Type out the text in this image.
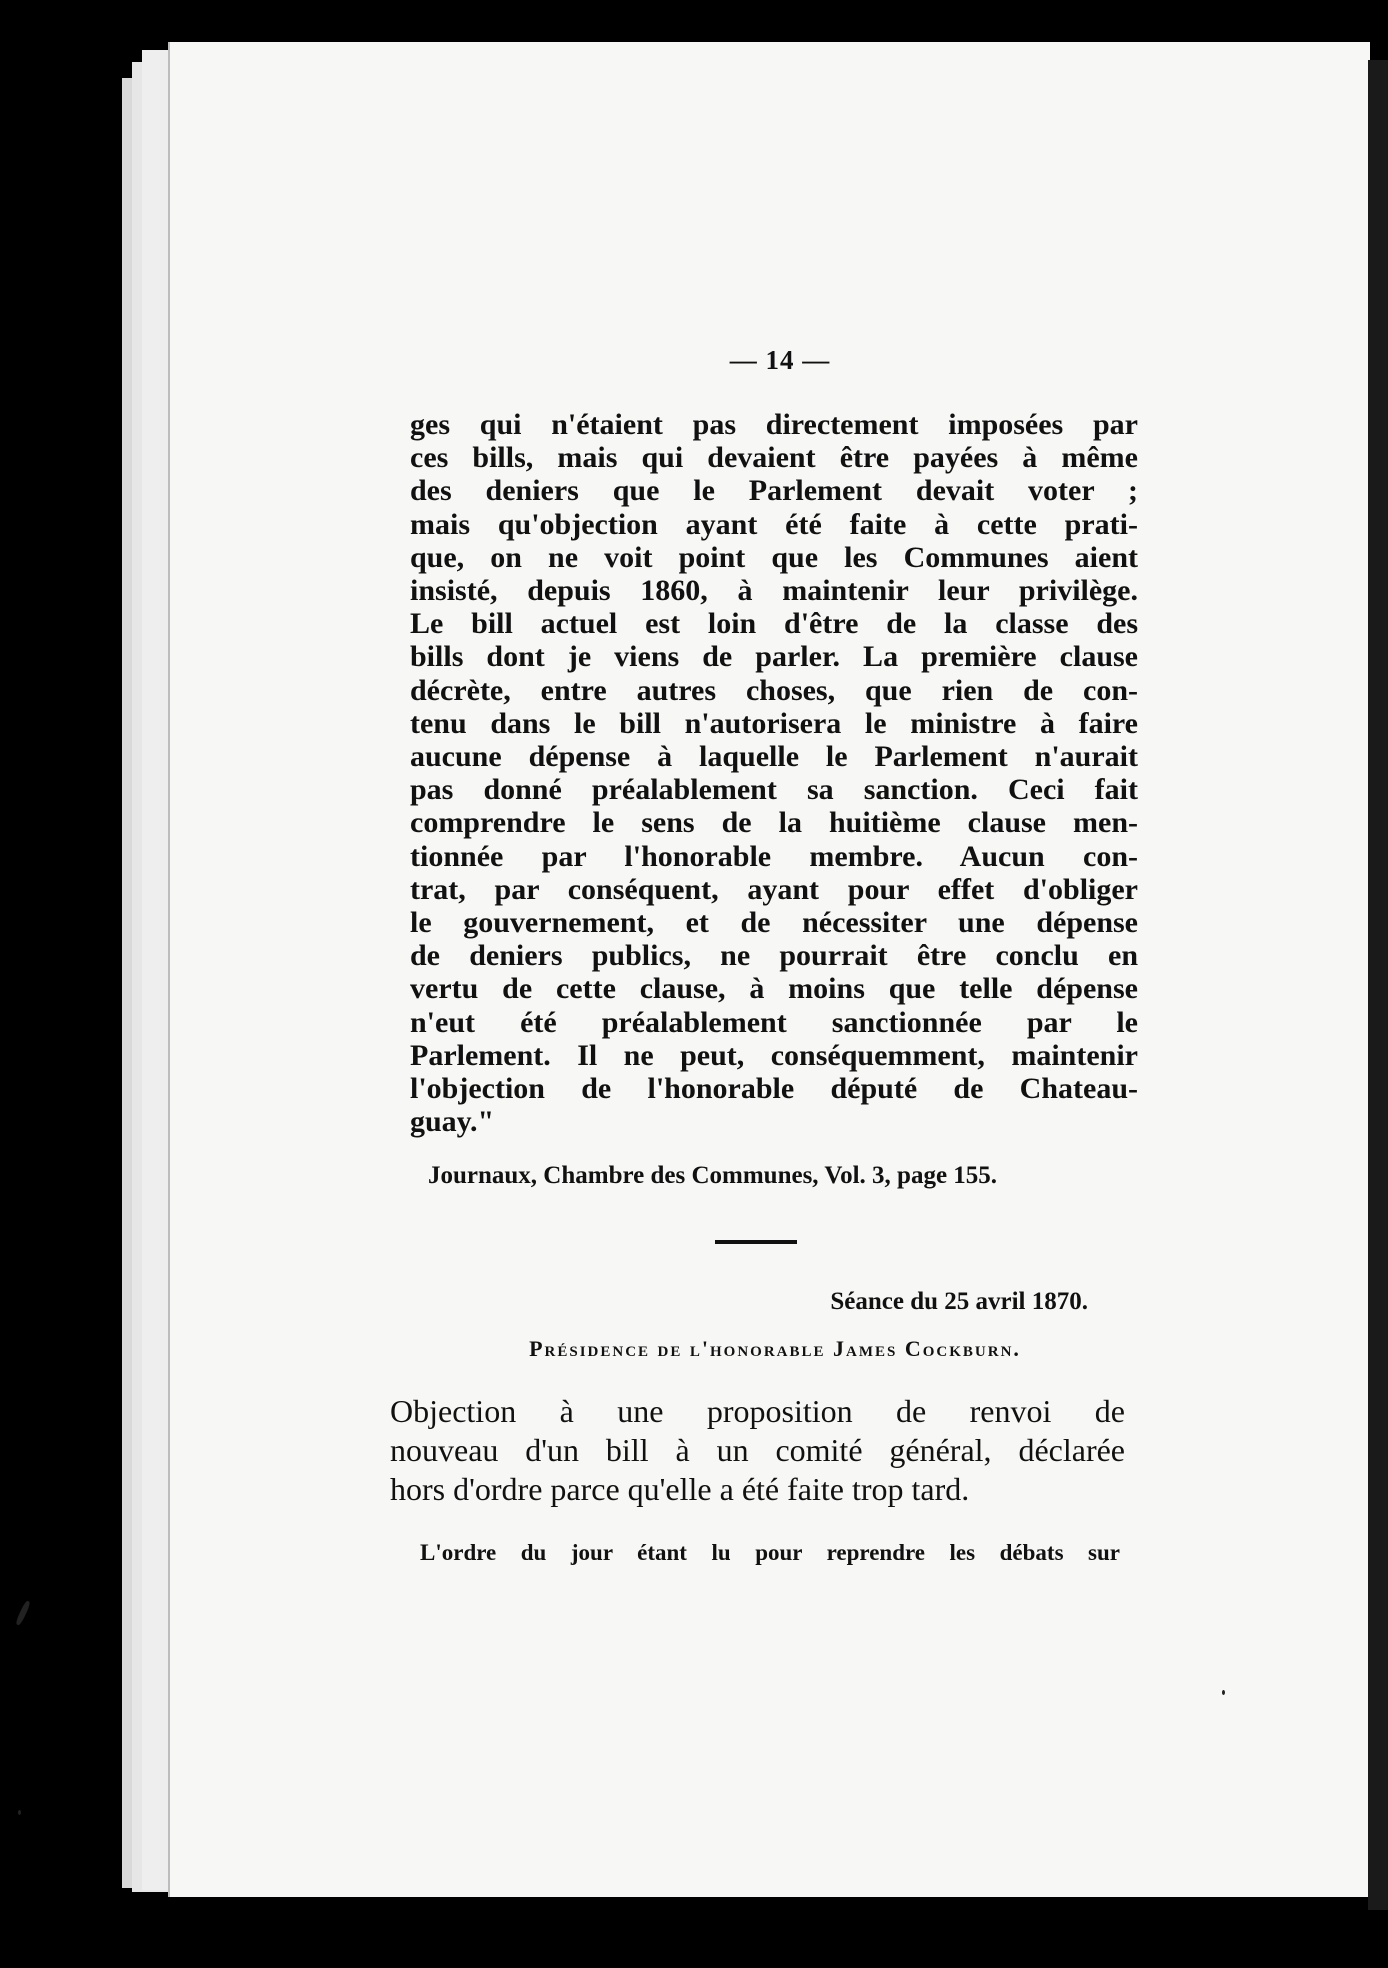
— 14 —
ges qui n'étaient pas directement imposées par
ces bills, mais qui devaient être payées à même
des deniers que le Parlement devait voter ;
mais qu'objection ayant été faite à cette prati-
que, on ne voit point que les Communes aient
insisté, depuis 1860, à maintenir leur privilège.
Le bill actuel est loin d'être de la classe des
bills dont je viens de parler. La première clause
décrète, entre autres choses, que rien de con-
tenu dans le bill n'autorisera le ministre à faire
aucune dépense à laquelle le Parlement n'aurait
pas donné préalablement sa sanction. Ceci fait
comprendre le sens de la huitième clause men-
tionnée par l'honorable membre. Aucun con-
trat, par conséquent, ayant pour effet d'obliger
le gouvernement, et de nécessiter une dépense
de deniers publics, ne pourrait être conclu en
vertu de cette clause, à moins que telle dépense
n'eut été préalablement sanctionnée par le
Parlement. Il ne peut, conséquemment, maintenir
l'objection de l'honorable député de Chateau-
guay."
Journaux, Chambre des Communes, Vol. 3, page 155.
Séance du 25 avril 1870.
Présidence de l'honorable James Cockburn.
Objection à une proposition de renvoi de
nouveau d'un bill à un comité général, déclarée
hors d'ordre parce qu'elle a été faite trop tard.
L'ordre du jour étant lu pour reprendre les débats sur
